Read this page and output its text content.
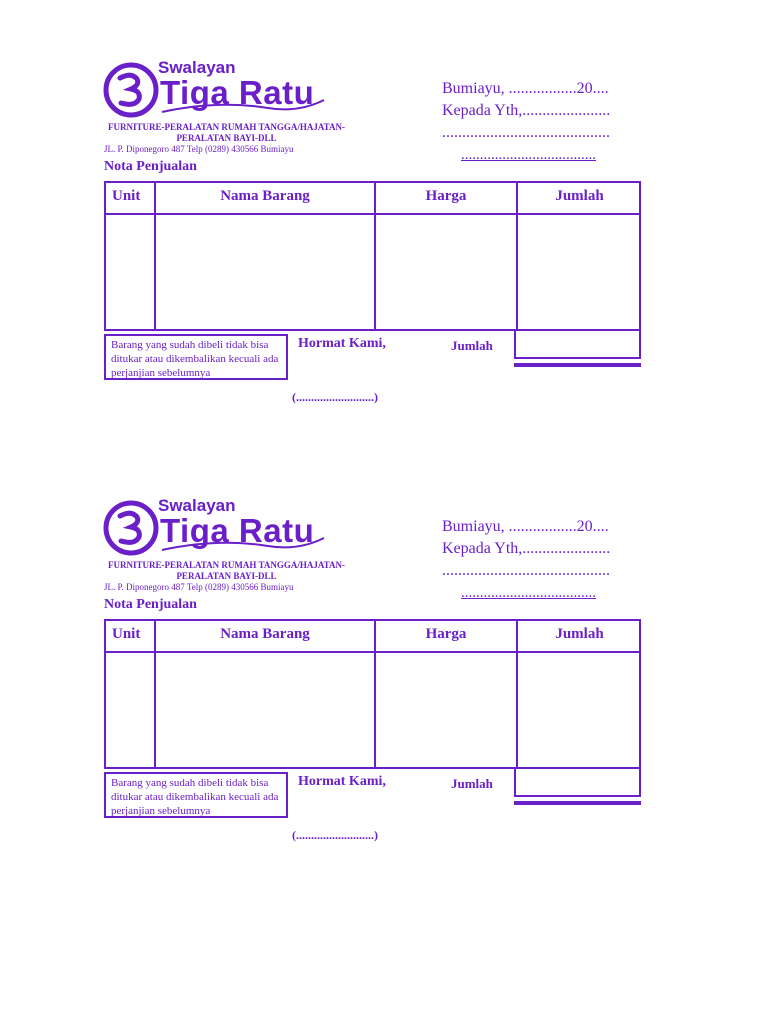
Swalayan
Tiga Ratu
FURNITURE-PERALATAN RUMAH TANGGA/HAJATAN-PERALATAN BAYI-DLL
JL. P. Diponegoro 487 Telp (0289) 430566 Bumiayu
Nota Penjualan
Bumiayu, .................20....
Kepada Yth,......................
..........................................
....................................
Unit	Nama Barang	Harga	Jumlah
Barang yang sudah dibeli tidak bisa ditukar atau dikembalikan kecuali ada perjanjian sebelumnya
Hormat Kami,	Jumlah
(..........................)
Swalayan
Tiga Ratu
FURNITURE-PERALATAN RUMAH TANGGA/HAJATAN-PERALATAN BAYI-DLL
JL. P. Diponegoro 487 Telp (0289) 430566 Bumiayu
Nota Penjualan
Bumiayu, .................20....
Kepada Yth,......................
..........................................
....................................
Unit	Nama Barang	Harga	Jumlah
Barang yang sudah dibeli tidak bisa ditukar atau dikembalikan kecuali ada perjanjian sebelumnya
Hormat Kami,	Jumlah
(..........................)
